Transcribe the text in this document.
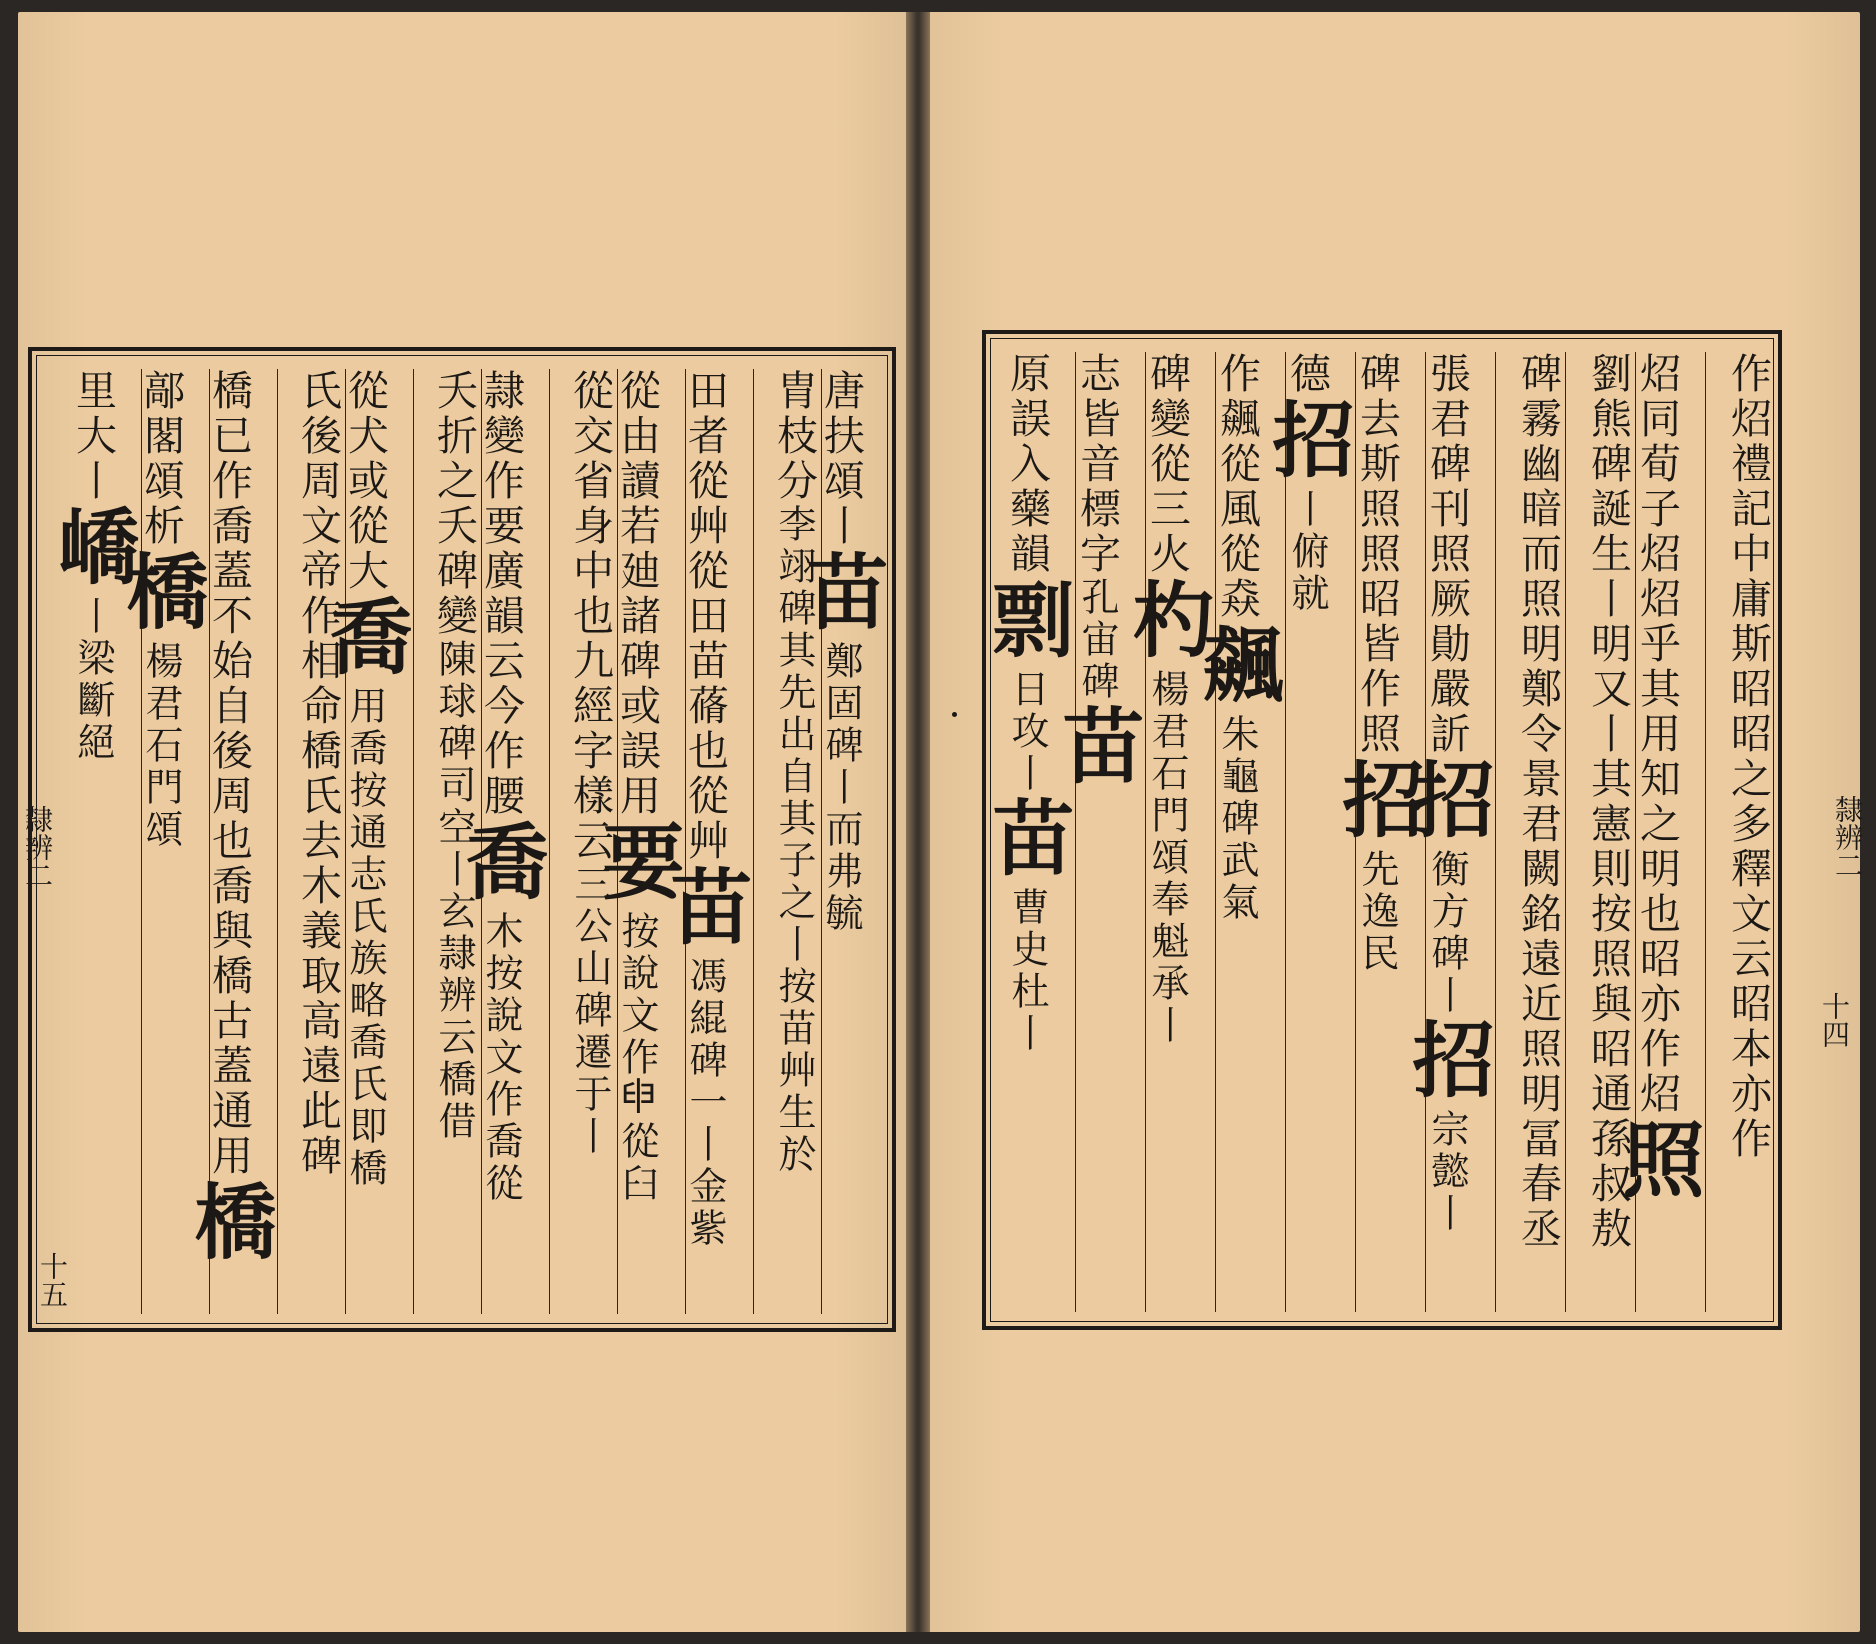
隸辨二
十五
唐扶頌丨苗鄭固碑丨而弗毓
胄枝分李翊碑其先出自其子之丨按苗艸生於
田者從艸從田苗蓨也從艸苗馮緄碑一丨金紫
從由讀若廸諸碑或誤用要按說文作𦥔從臼
從交省身中也九經字樣云三公山碑遷于丨
隷變作要廣韻云今作腰喬木按說文作喬從
夭折之夭碑變陳球碑司空丨玄隷辨云橋借
從犬或從大喬用喬按通志氏族略喬氏即橋
氏後周文帝作相命橋氏去木義取高遠此碑
橋已作喬蓋不始自後周也喬與橋古蓋通用橋
鄗閣頌析橋楊君石門頌
里大丨嶠丨梁斷絕
隸辨二
十四
作炤禮記中庸斯昭昭之多釋文云昭本亦作
炤同荀子炤炤乎其用知之明也昭亦作炤照
劉熊碑誕生丨明又丨其憲則按照與昭通孫叔敖
碑霧幽暗而照明鄭令景君闕銘遠近照明冨春丞
張君碑刊照厥勛嚴訢招衡方碑丨招宗懿丨
碑去斯照照昭皆作照招先逸民
德招丨俯就
作飆從風從猋飆朱龜碑武氣
碑變從三火杓楊君石門頌奉魁承丨
志皆音標字孔宙碑苗
原誤入藥韻剽日攻丨苗曹史杜丨
